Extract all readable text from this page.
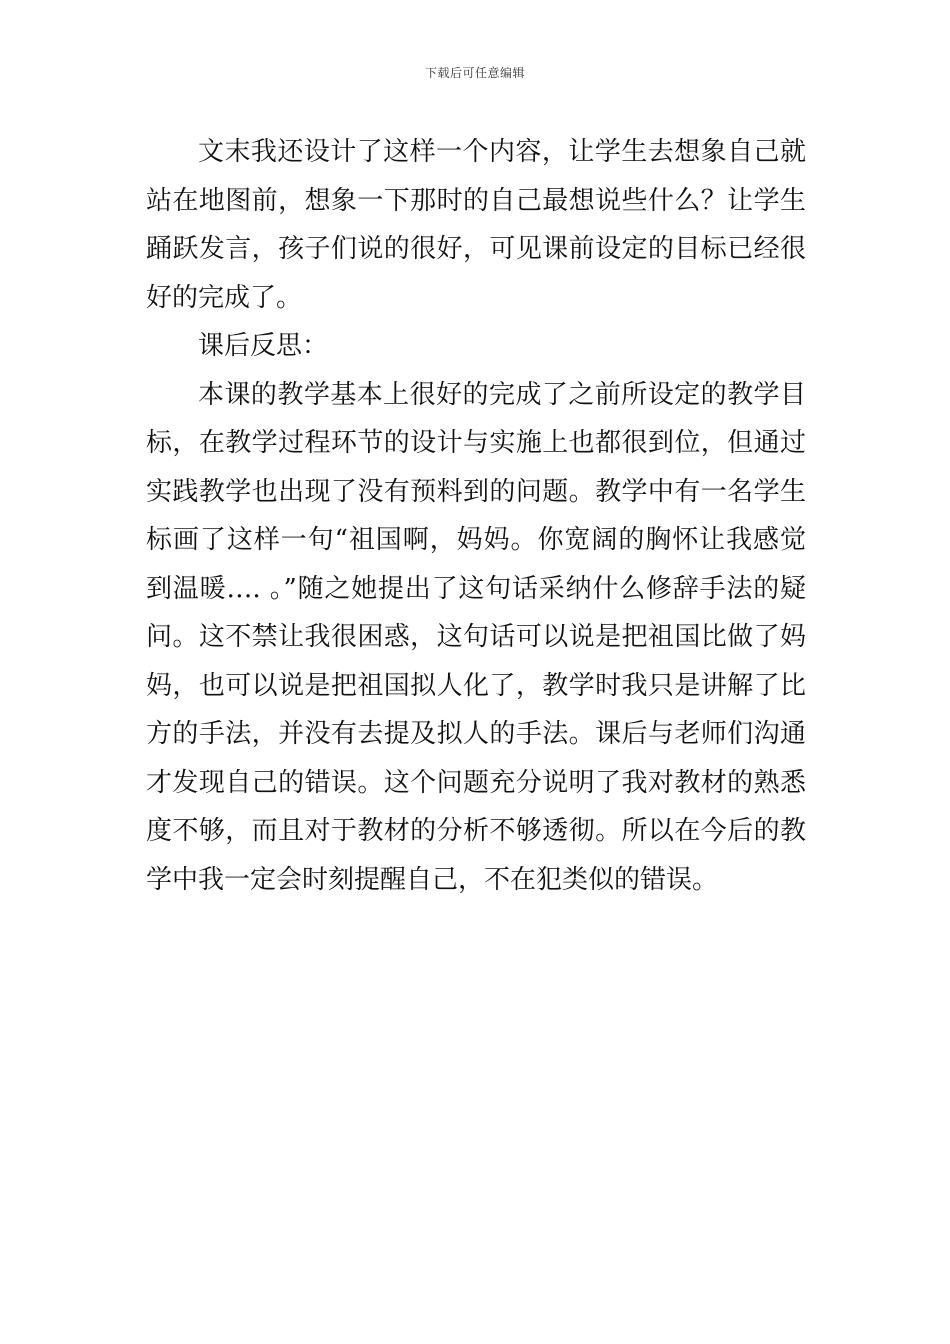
下载后可任意编辑

文末我还设计了这样一个内容，让学生去想象自己就站在地图前，想象一下那时的自己最想说些什么？让学生踊跃发言，孩子们说的很好，可见课前设定的目标已经很好的完成了。

课后反思：

本课的教学基本上很好的完成了之前所设定的教学目标，在教学过程环节的设计与实施上也都很到位，但通过实践教学也出现了没有预料到的问题。教学中有一名学生标画了这样一句“祖国啊，妈妈。你宽阔的胸怀让我感觉到温暖…. 。”随之她提出了这句话采纳什么修辞手法的疑问。这不禁让我很困惑，这句话可以说是把祖国比做了妈妈，也可以说是把祖国拟人化了，教学时我只是讲解了比方的手法，并没有去提及拟人的手法。课后与老师们沟通才发现自己的错误。这个问题充分说明了我对教材的熟悉度不够，而且对于教材的分析不够透彻。所以在今后的教学中我一定会时刻提醒自己，不在犯类似的错误。
